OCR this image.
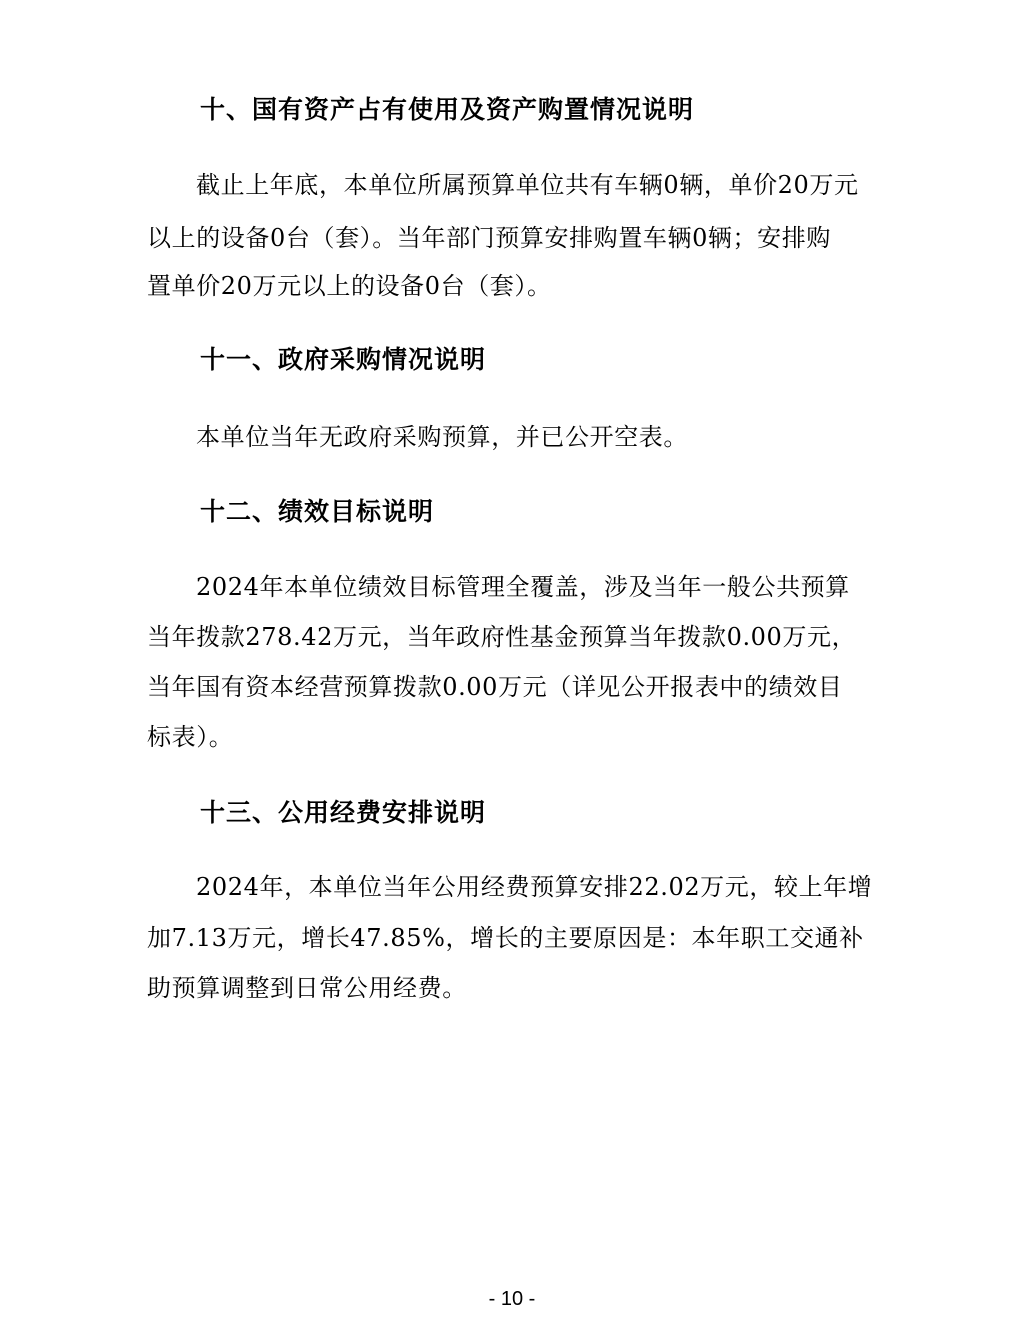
十、国有资产占有使用及资产购置情况说明
截止上年底，本单位所属预算单位共有车辆0辆，单价20万元
以上的设备0台（套）。当年部门预算安排购置车辆0辆；安排购
置单价20万元以上的设备0台（套）。
十一、政府采购情况说明
本单位当年无政府采购预算，并已公开空表。
十二、绩效目标说明
2024年本单位绩效目标管理全覆盖，涉及当年一般公共预算
当年拨款278.42万元，当年政府性基金预算当年拨款0.00万元，
当年国有资本经营预算拨款0.00万元（详见公开报表中的绩效目
标表）。
十三、公用经费安排说明
2024年，本单位当年公用经费预算安排22.02万元，较上年增
加7.13万元，增长47.85%，增长的主要原因是：本年职工交通补
助预算调整到日常公用经费。
- 10 -
